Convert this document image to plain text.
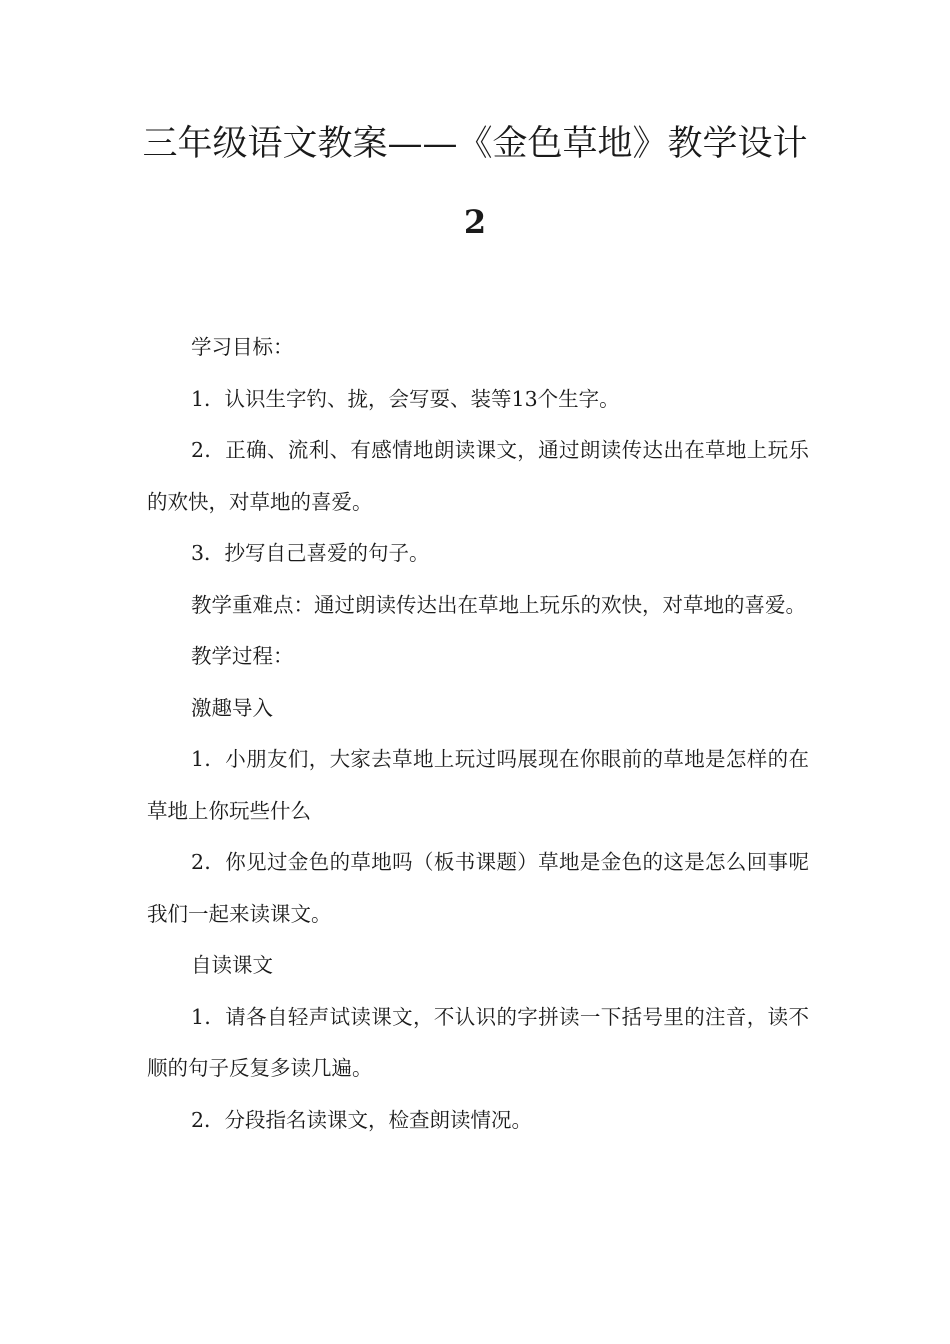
三年级语文教案——《金色草地》教学设计
2

学习目标：

1．认识生字钓、拢，会写耍、装等13个生字。

2．正确、流利、有感情地朗读课文，通过朗读传达出在草地上玩乐的欢快，对草地的喜爱。

3．抄写自己喜爱的句子。

教学重难点：通过朗读传达出在草地上玩乐的欢快，对草地的喜爱。

教学过程：

激趣导入

1．小朋友们，大家去草地上玩过吗展现在你眼前的草地是怎样的在草地上你玩些什么

2．你见过金色的草地吗（板书课题）草地是金色的这是怎么回事呢我们一起来读课文。

自读课文

1．请各自轻声试读课文，不认识的字拼读一下括号里的注音，读不顺的句子反复多读几遍。

2．分段指名读课文，检查朗读情况。
